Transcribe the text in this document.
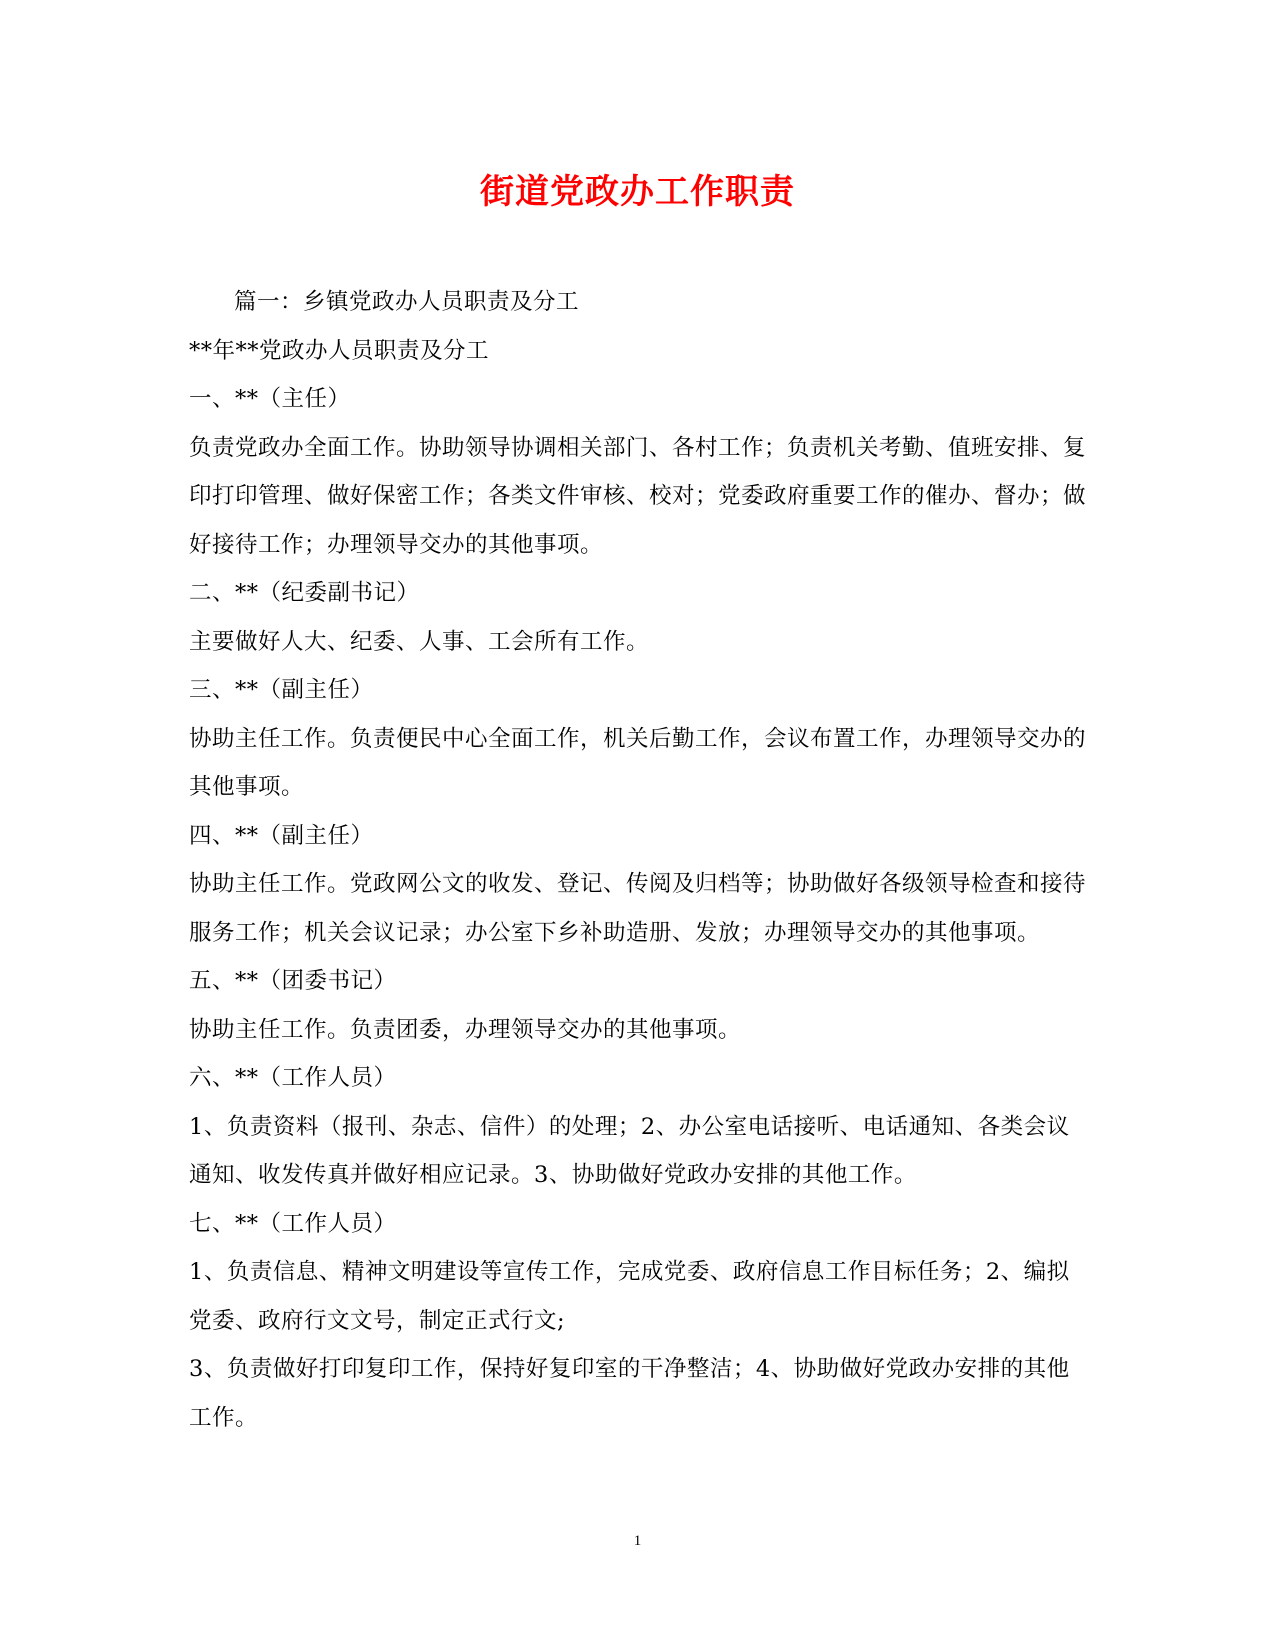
街道党政办工作职责

篇一：乡镇党政办人员职责及分工

**年**党政办人员职责及分工

一、**（主任）

负责党政办全面工作。协助领导协调相关部门、各村工作；负责机关考勤、值班安排、复印打印管理、做好保密工作；各类文件审核、校对；党委政府重要工作的催办、督办；做好接待工作；办理领导交办的其他事项。

二、**（纪委副书记）

主要做好人大、纪委、人事、工会所有工作。

三、**（副主任）

协助主任工作。负责便民中心全面工作，机关后勤工作，会议布置工作，办理领导交办的其他事项。

四、**（副主任）

协助主任工作。党政网公文的收发、登记、传阅及归档等；协助做好各级领导检查和接待服务工作；机关会议记录；办公室下乡补助造册、发放；办理领导交办的其他事项。

五、**（团委书记）

协助主任工作。负责团委，办理领导交办的其他事项。

六、**（工作人员）

1、负责资料（报刊、杂志、信件）的处理；2、办公室电话接听、电话通知、各类会议通知、收发传真并做好相应记录。3、协助做好党政办安排的其他工作。

七、**（工作人员）

1、负责信息、精神文明建设等宣传工作，完成党委、政府信息工作目标任务；2、编拟党委、政府行文文号，制定正式行文;

3、负责做好打印复印工作，保持好复印室的干净整洁；4、协助做好党政办安排的其他工作。

1
